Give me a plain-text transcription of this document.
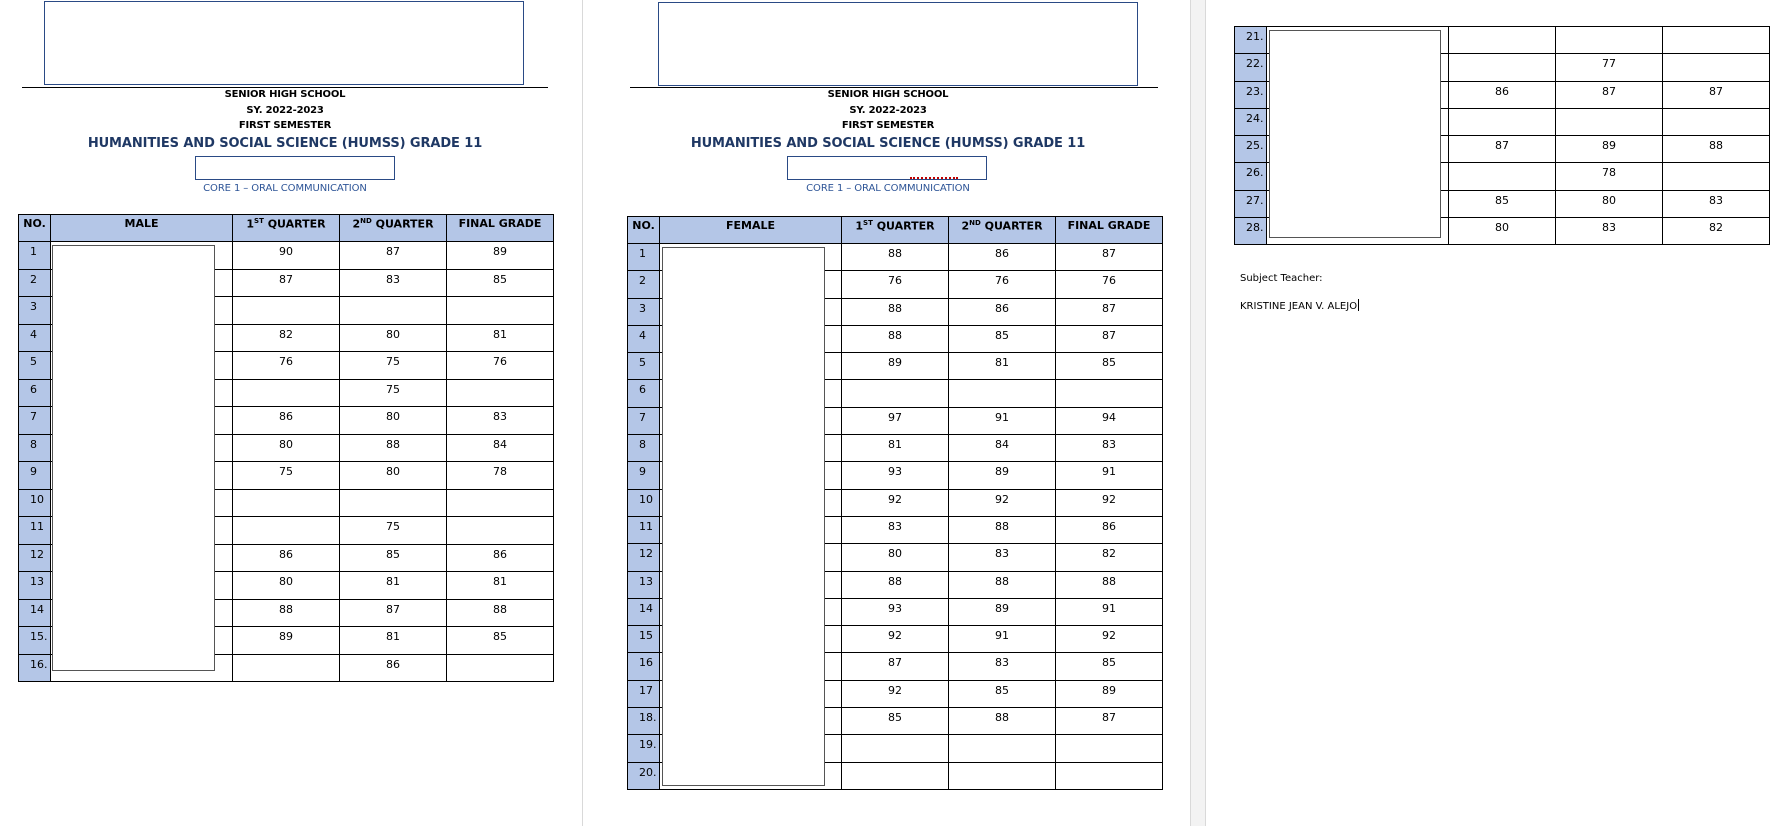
SENIOR HIGH SCHOOL
SY. 2022-2023
FIRST SEMESTER
HUMANITIES AND SOCIAL SCIENCE (HUMSS) GRADE 11
CORE 1 – ORAL COMMUNICATION
NO.	MALE	1ST QUARTER	2ND QUARTER	FINAL GRADE
1		90	87	89
2		87	83	85
3				
4		82	80	81
5		76	75	76
6			75	
7		86	80	83
8		80	88	84
9		75	80	78
10				
11			75	
12		86	85	86
13		80	81	81
14		88	87	88
15.		89	81	85
16.			86	
SENIOR HIGH SCHOOL
SY. 2022-2023
FIRST SEMESTER
HUMANITIES AND SOCIAL SCIENCE (HUMSS) GRADE 11
CORE 1 – ORAL COMMUNICATION
NO.	FEMALE	1ST QUARTER	2ND QUARTER	FINAL GRADE
1		88	86	87
2		76	76	76
3		88	86	87
4		88	85	87
5		89	81	85
6				
7		97	91	94
8		81	84	83
9		93	89	91
10		92	92	92
11		83	88	86
12		80	83	82
13		88	88	88
14		93	89	91
15		92	91	92
16		87	83	85
17		92	85	89
18.		85	88	87
19.				
20.				
21.				
22.			77	
23.		86	87	87
24.				
25.		87	89	88
26.			78	
27.		85	80	83
28.		80	83	82
Subject Teacher:
KRISTINE JEAN V. ALEJO
